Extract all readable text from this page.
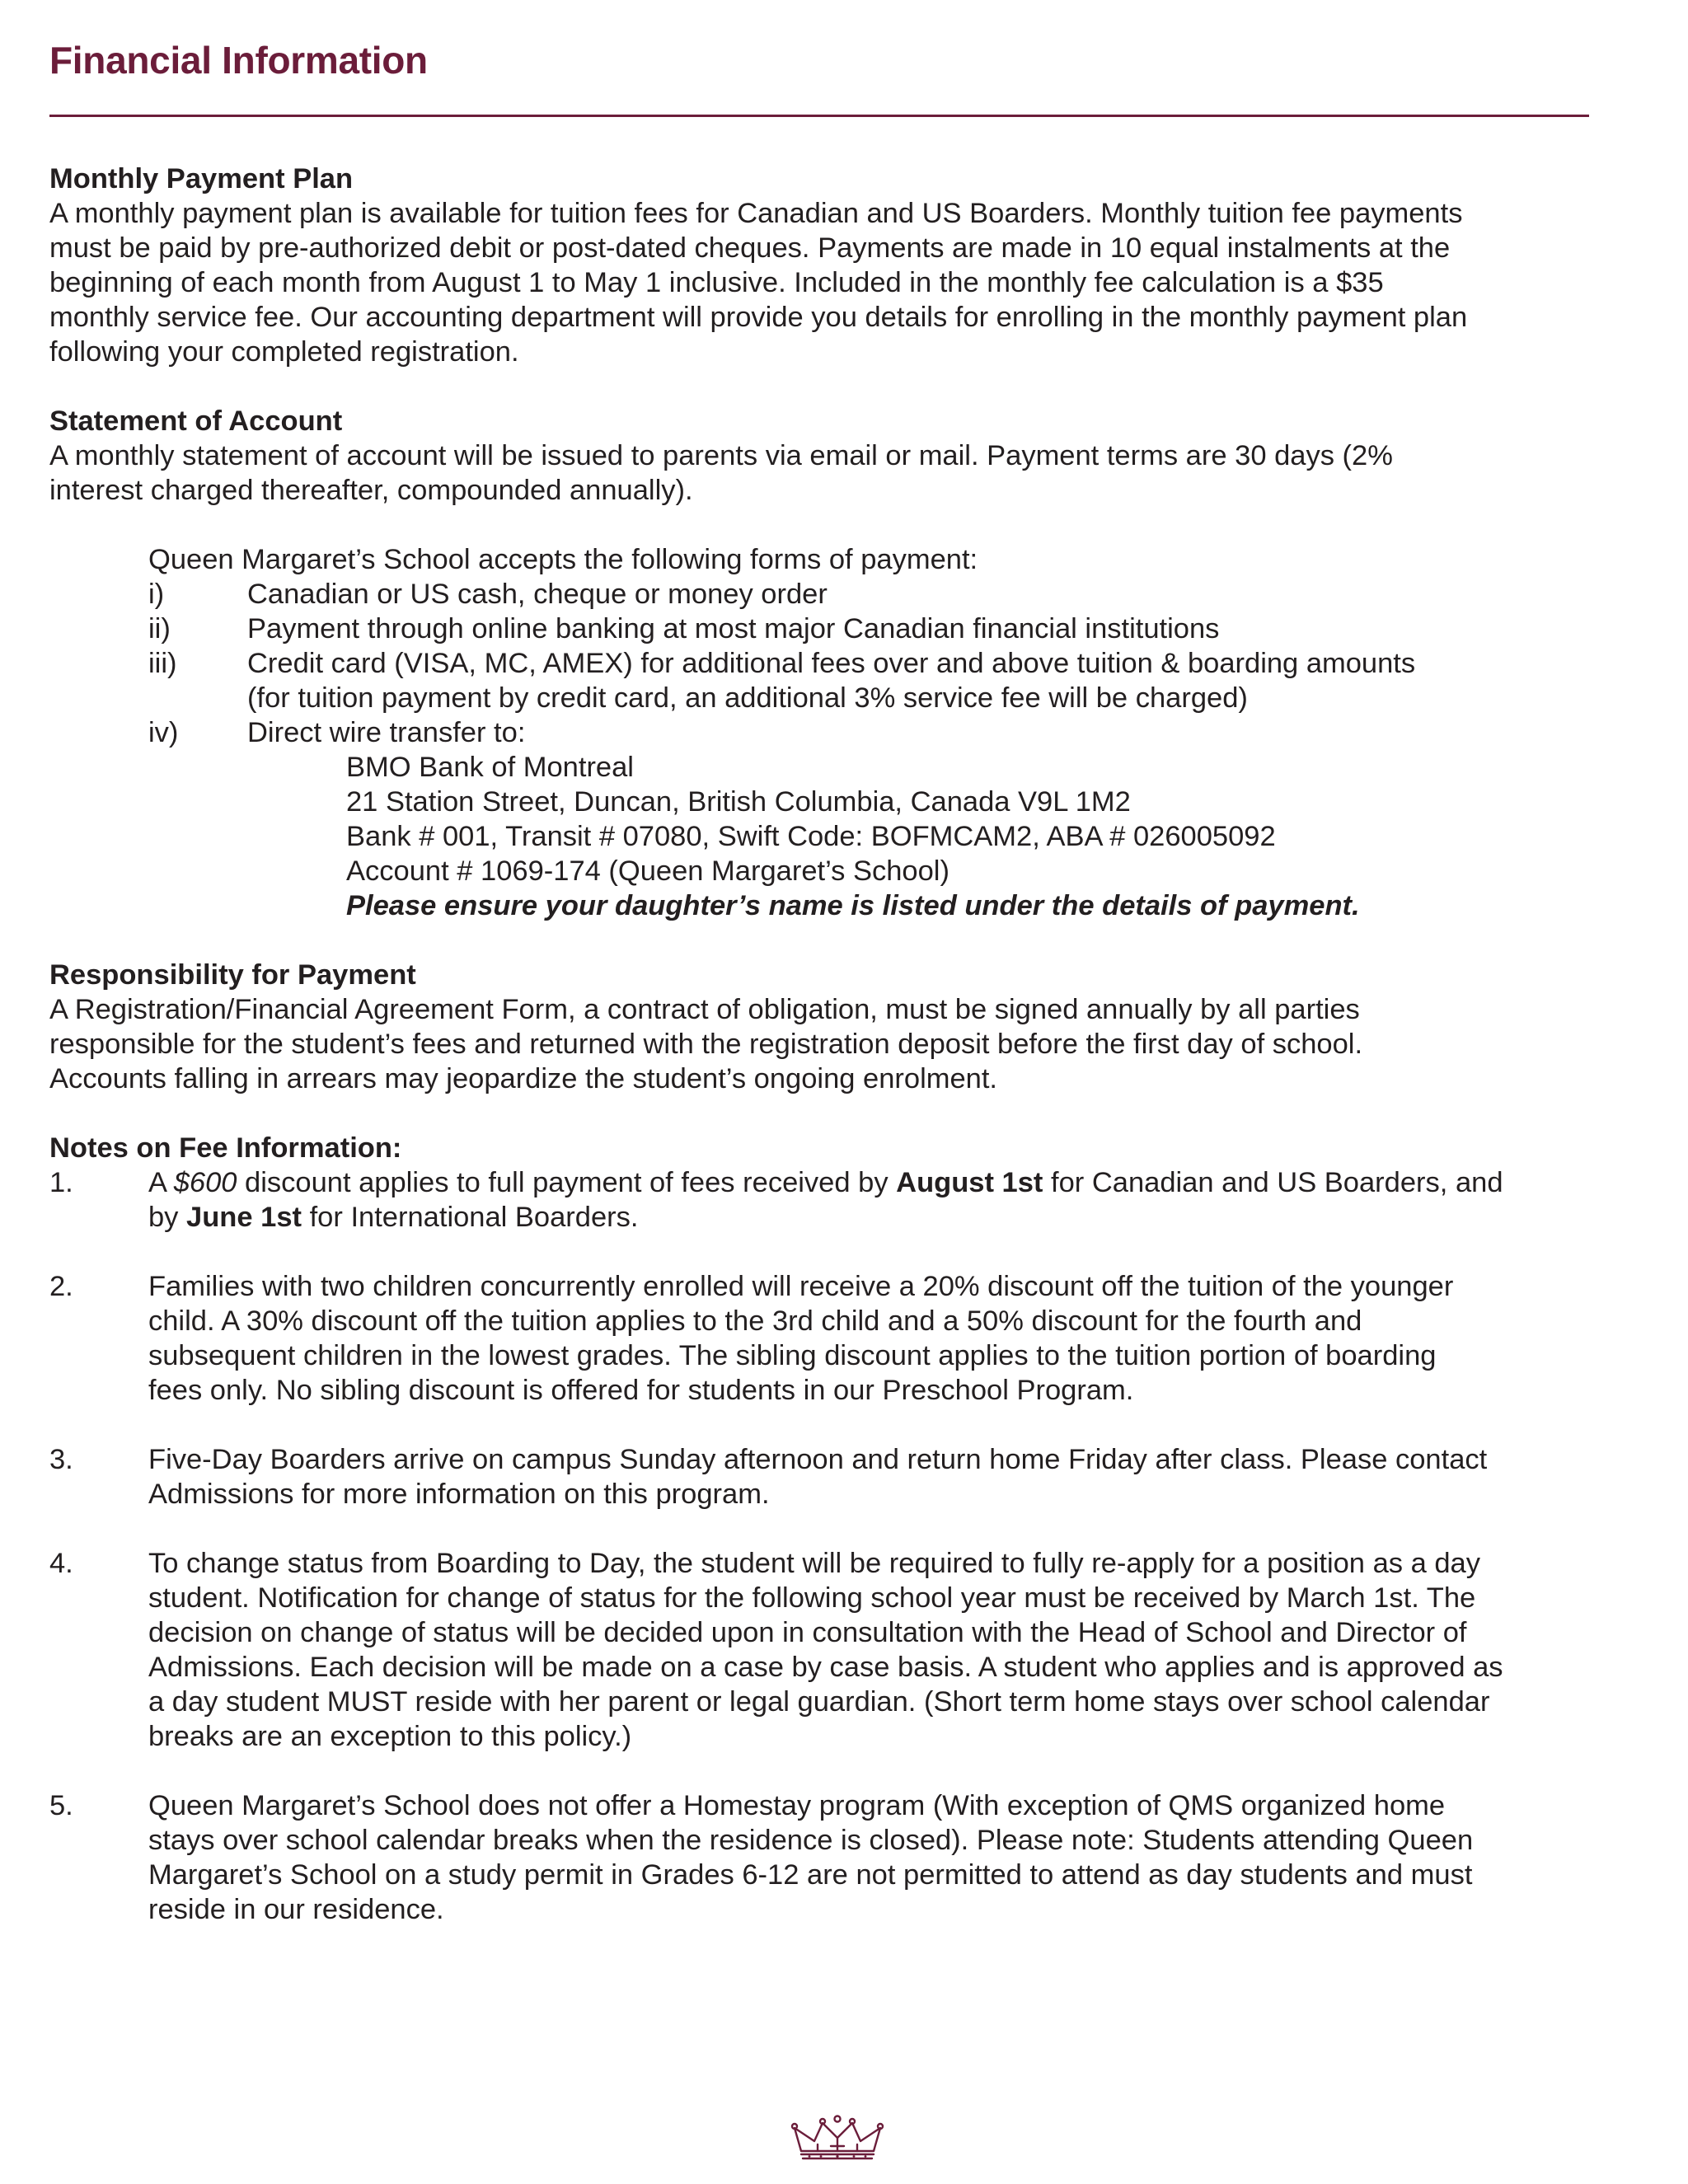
Financial Information

Monthly Payment Plan

A monthly payment plan is available for tuition fees for Canadian and US Boarders. Monthly tuition fee payments
must be paid by pre-authorized debit or post-dated cheques. Payments are made in 10 equal instalments at the
beginning of each month from August 1 to May 1 inclusive. Included in the monthly fee calculation is a $35
monthly service fee. Our accounting department will provide you details for enrolling in the monthly payment plan
following your completed registration.

Statement of Account

A monthly statement of account will be issued to parents via email or mail. Payment terms are 30 days (2%
interest charged thereafter, compounded annually).

Queen Margaret’s School accepts the following forms of payment:

i)	Canadian or US cash, cheque or money order
ii)	Payment through online banking at most major Canadian financial institutions
iii)	Credit card (VISA, MC, AMEX) for additional fees over and above tuition & boarding amounts
(for tuition payment by credit card, an additional 3% service fee will be charged)
iv)	Direct wire transfer to:
BMO Bank of Montreal
21 Station Street, Duncan, British Columbia, Canada V9L 1M2
Bank # 001, Transit # 07080, Swift Code: BOFMCAM2, ABA # 026005092
Account # 1069-174 (Queen Margaret’s School)
Please ensure your daughter’s name is listed under the details of payment.

Responsibility for Payment

A Registration/Financial Agreement Form, a contract of obligation, must be signed annually by all parties
responsible for the student’s fees and returned with the registration deposit before the first day of school.
Accounts falling in arrears may jeopardize the student’s ongoing enrolment.

Notes on Fee Information:

1.	A $600 discount applies to full payment of fees received by August 1st for Canadian and US Boarders, and
by June 1st for International Boarders.
2.	Families with two children concurrently enrolled will receive a 20% discount off the tuition of the younger
child. A 30% discount off the tuition applies to the 3rd child and a 50% discount for the fourth and
subsequent children in the lowest grades. The sibling discount applies to the tuition portion of boarding
fees only. No sibling discount is offered for students in our Preschool Program.
3.	Five-Day Boarders arrive on campus Sunday afternoon and return home Friday after class. Please contact
Admissions for more information on this program.
4.	To change status from Boarding to Day, the student will be required to fully re-apply for a position as a day
student. Notification for change of status for the following school year must be received by March 1st. The
decision on change of status will be decided upon in consultation with the Head of School and Director of
Admissions. Each decision will be made on a case by case basis. A student who applies and is approved as
a day student MUST reside with her parent or legal guardian. (Short term home stays over school calendar
breaks are an exception to this policy.)
5.	Queen Margaret’s School does not offer a Homestay program (With exception of QMS organized home
stays over school calendar breaks when the residence is closed). Please note: Students attending Queen
Margaret’s School on a study permit in Grades 6-12 are not permitted to attend as day students and must
reside in our residence.
